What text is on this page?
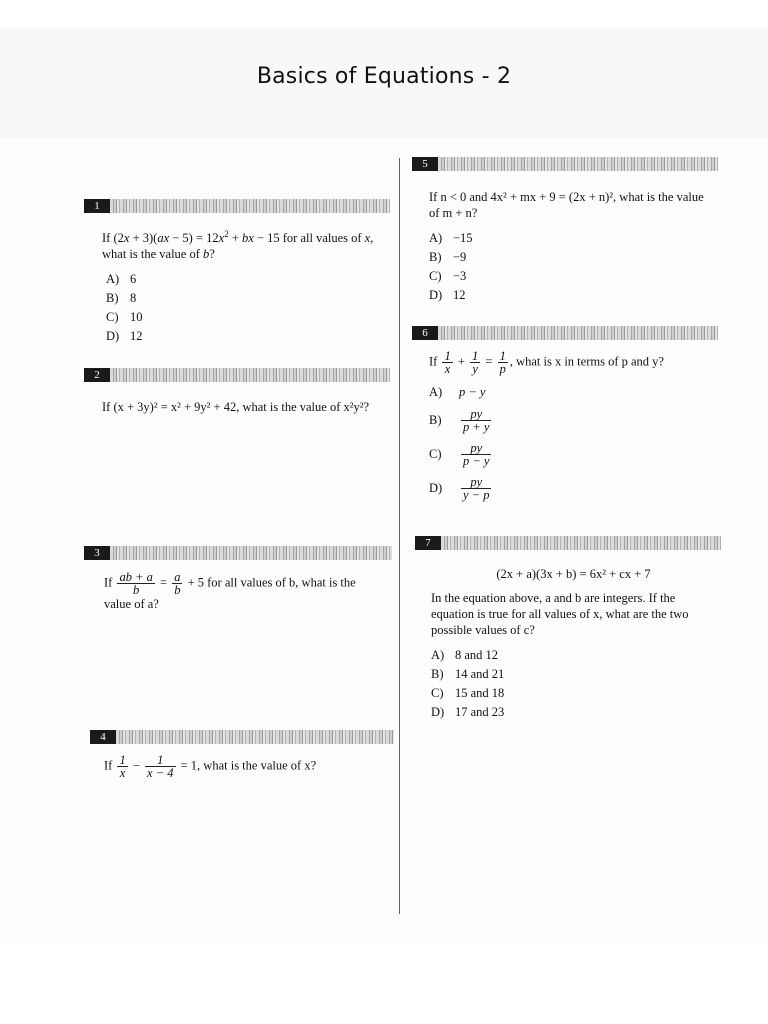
Basics of Equations - 2
1

If $(2x + 3)(ax - 5) = 12x^2$ + bx − 15 for all values of x, what is the value of b?

A) 6
B) 8
C) 10
D) 12
2

If (x + 3y)² = x² + 9y² + 42, what is the value of x²y²?

3
If $\frac{ab + a}{b} = \frac{a}{b} + 5$ for all values of b, what is the value of a?
4
If $\frac{1}{x} - \frac{1}{x - 4} = 1$, what is the value of x?
5

If n < 0 and 4x² + mx + 9 = (2x + n)², what is the value of m + n?

A) −15
B) −9
C) −3
D) 12
6
If $\frac{1}{x} + \frac{1}{y} = \frac{1}{p}$ , what is x in terms of p and y?
A)	p − y
B)	$\frac{py}{p + y}$
C)	$\frac{py}{p - y}$
D)	$\frac{py}{y - p}$
7
(2x + a)(3x + b) = 6x² + cx + 7

In the equation above, a and b are integers. If the equation is true for all values of x, what are the two possible values of c?

A) 8 and 12
B) 14 and 21
C) 15 and 18
D) 17 and 23
